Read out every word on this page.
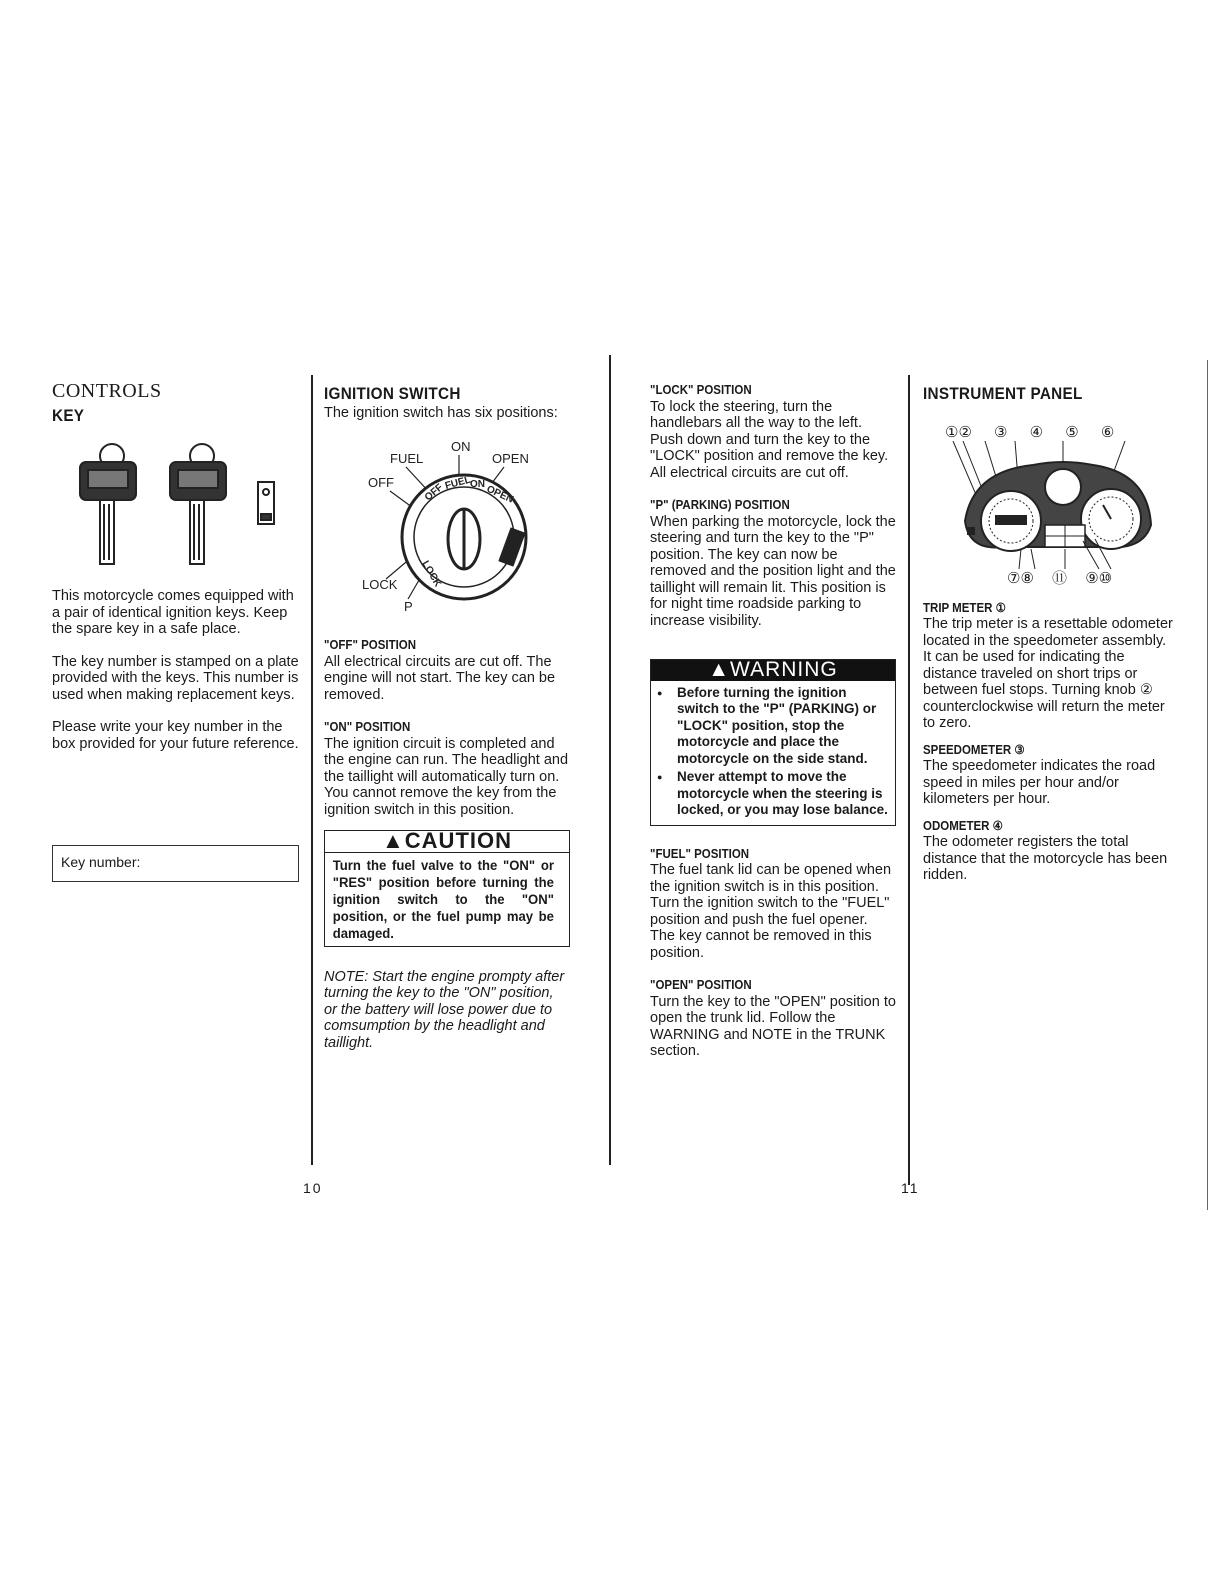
CONTROLS
KEY

This motorcycle comes equipped with a pair of identical ignition keys. Keep the spare key in a safe place.

The key number is stamped on a plate provided with the keys. This number is used when making replacement keys.

Please write your key number in the box provided for your future reference.

Key number:
IGNITION SWITCH

The ignition switch has six positions:

ON
FUEL	OPEN
OFF
LOCK
P
OFF
FUEL
ON OPEN
LOCK
"OFF" POSITION

All electrical circuits are cut off. The engine will not start. The key can be removed.

"ON" POSITION

The ignition circuit is completed and the engine can run. The headlight and the taillight will automatically turn on. You cannot remove the key from the ignition switch in this position.

▲CAUTION
Turn the fuel valve to the "ON" or "RES" position before turning the ignition switch to the "ON" position, or the fuel pump may be damaged.

NOTE: Start the engine prompty after turning the key to the "ON" position, or the battery will lose power due to comsumption by the headlight and taillight.

10
"LOCK" POSITION

To lock the steering, turn the handlebars all the way to the left. Push down and turn the key to the "LOCK" position and remove the key. All electrical circuits are cut off.

"P" (PARKING) POSITION

When parking the motorcycle, lock the steering and turn the key to the "P" position. The key can now be removed and the position light and the taillight will remain lit. This position is for night time roadside parking to increase visibility.

▲WARNING
● Before turning the ignition switch to the "P" (PARKING) or "LOCK" position, stop the motorcycle and place the motorcycle on the side stand.
● Never attempt to move the motorcycle when the steering is locked, or you may lose balance.
"FUEL" POSITION

The fuel tank lid can be opened when the ignition switch is in this position. Turn the ignition switch to the "FUEL" position and push the fuel opener. The key cannot be removed in this position.

"OPEN" POSITION

Turn the key to the "OPEN" position to open the trunk lid. Follow the WARNING and NOTE in the TRUNK section.

INSTRUMENT PANEL
①② ③ ④ ⑤ ⑥
⑦⑧ ⑪ ⑨⑩
TRIP METER ①

The trip meter is a resettable odometer located in the speedometer assembly. It can be used for indicating the distance traveled on short trips or between fuel stops. Turning knob ② counterclockwise will return the meter to zero.

SPEEDOMETER ③

The speedometer indicates the road speed in miles per hour and/or kilometers per hour.

ODOMETER ④

The odometer registers the total distance that the motorcycle has been ridden.

11
